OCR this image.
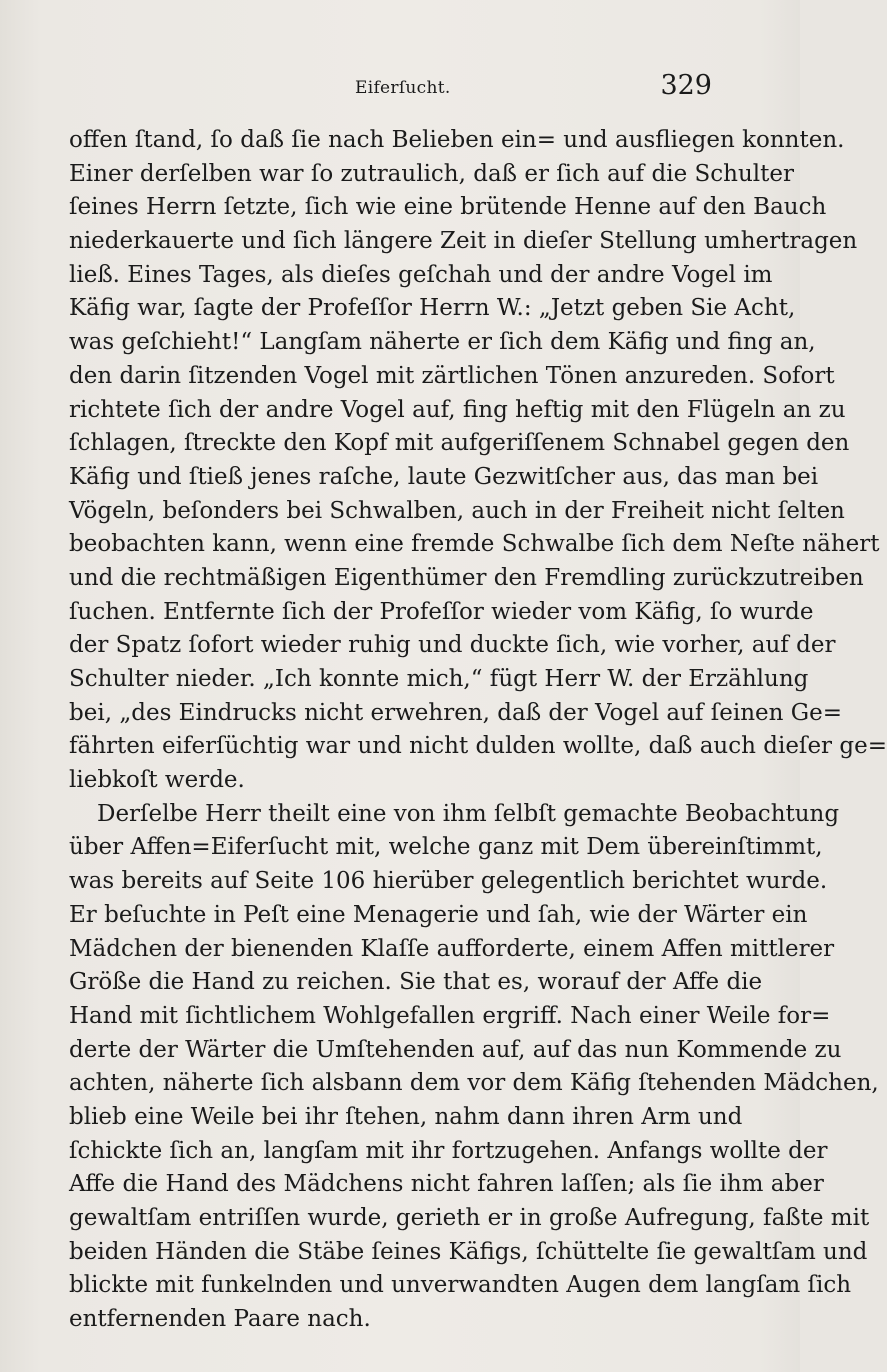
Eiferſucht.	329

offen ſtand, ſo daß ſie nach Belieben ein= und ausfliegen konnten.
Einer derſelben war ſo zutraulich, daß er ſich auf die Schulter
ſeines Herrn ſetzte, ſich wie eine brütende Henne auf den Bauch
niederkauerte und ſich längere Zeit in dieſer Stellung umhertragen
ließ. Eines Tages, als dieſes geſchah und der andre Vogel im
Käfig war, ſagte der Profeſſor Herrn W.: „Jetzt geben Sie Acht,
was geſchieht!“ Langſam näherte er ſich dem Käfig und fing an,
den darin ſitzenden Vogel mit zärtlichen Tönen anzureden. Sofort
richtete ſich der andre Vogel auf, fing heftig mit den Flügeln an zu
ſchlagen, ſtreckte den Kopf mit aufgeriſſenem Schnabel gegen den
Käfig und ſtieß jenes raſche, laute Gezwitſcher aus, das man bei
Vögeln, beſonders bei Schwalben, auch in der Freiheit nicht ſelten
beobachten kann, wenn eine fremde Schwalbe ſich dem Neſte nähert
und die rechtmäßigen Eigenthümer den Fremdling zurückzutreiben
ſuchen. Entfernte ſich der Profeſſor wieder vom Käfig, ſo wurde
der Spatz ſofort wieder ruhig und duckte ſich, wie vorher, auf der
Schulter nieder. „Ich konnte mich,“ fügt Herr W. der Erzählung
bei, „des Eindrucks nicht erwehren, daß der Vogel auf ſeinen Ge=
fährten eiferſüchtig war und nicht dulden wollte, daß auch dieſer ge=
liebkoſt werde.

Derſelbe Herr theilt eine von ihm ſelbſt gemachte Beobachtung
über Affen=Eiferſucht mit, welche ganz mit Dem übereinſtimmt,
was bereits auf Seite 106 hierüber gelegentlich berichtet wurde.
Er beſuchte in Peſt eine Menagerie und ſah, wie der Wärter ein
Mädchen der bienenden Klaſſe aufforderte, einem Affen mittlerer
Größe die Hand zu reichen. Sie that es, worauf der Affe die
Hand mit ſichtlichem Wohlgefallen ergriff. Nach einer Weile for=
derte der Wärter die Umſtehenden auf, auf das nun Kommende zu
achten, näherte ſich alsbann dem vor dem Käfig ſtehenden Mädchen,
blieb eine Weile bei ihr ſtehen, nahm dann ihren Arm und
ſchickte ſich an, langſam mit ihr fortzugehen. Anfangs wollte der
Affe die Hand des Mädchens nicht fahren laſſen; als ſie ihm aber
gewaltſam entriſſen wurde, gerieth er in große Aufregung, faßte mit
beiden Händen die Stäbe ſeines Käfigs, ſchüttelte ſie gewaltſam und
blickte mit funkelnden und unverwandten Augen dem langſam ſich
entfernenden Paare nach.
